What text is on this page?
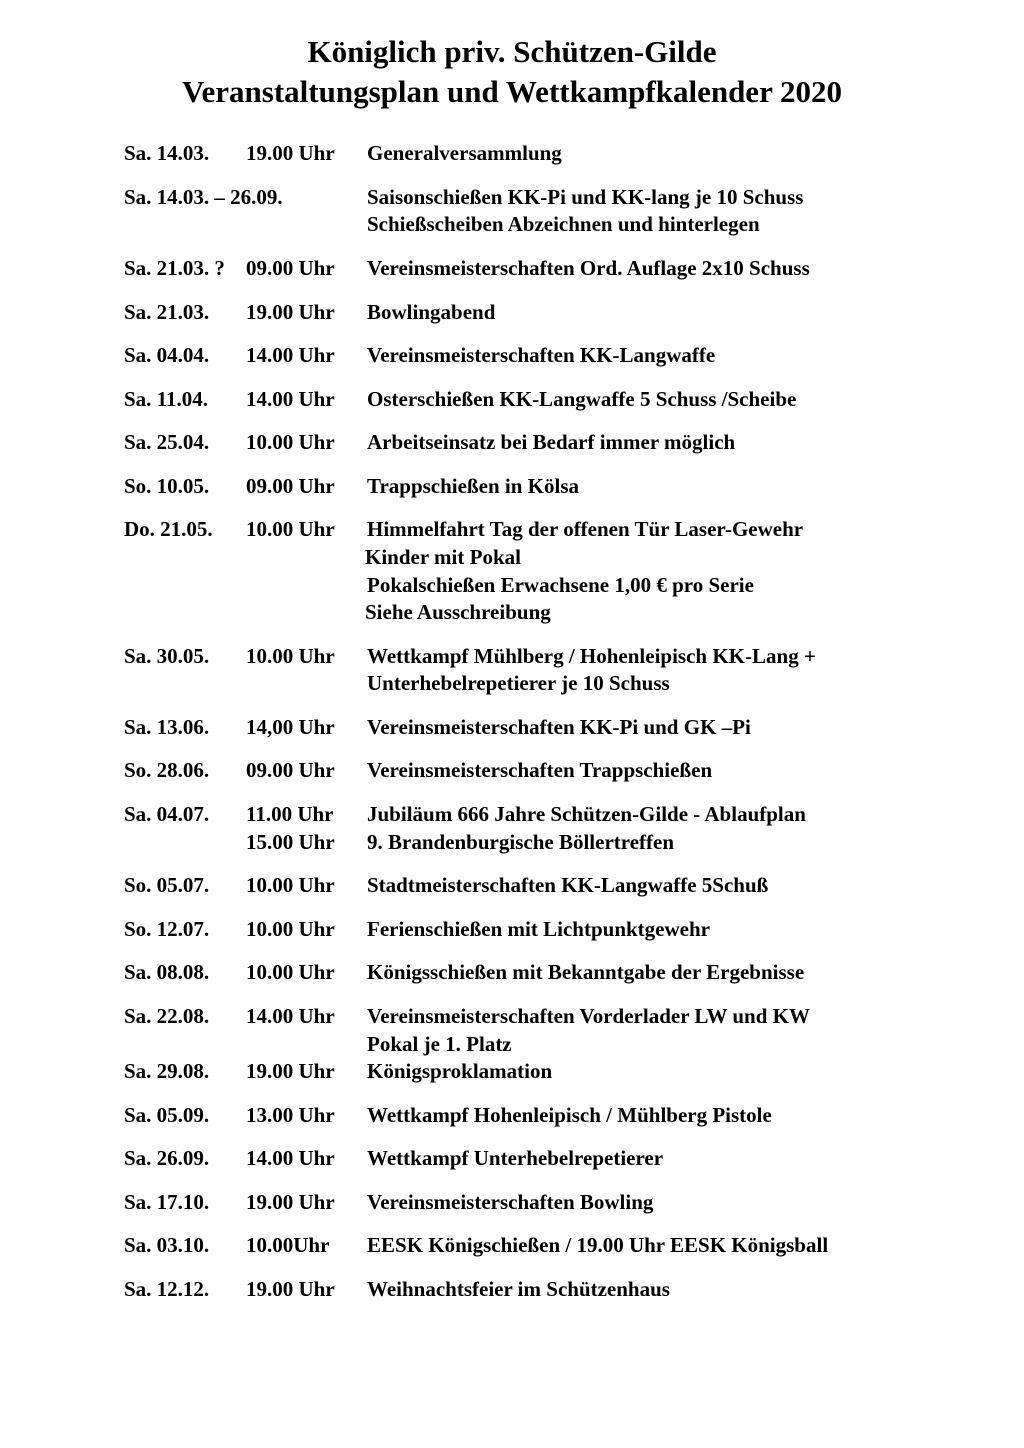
Königlich priv. Schützen-Gilde
Veranstaltungsplan und Wettkampfkalender 2020
Sa. 14.03. 19.00 Uhr Generalversammlung
Sa. 14.03. – 26.09.	Saisonschießen KK-Pi und KK-lang je 10 Schuss
Schießscheiben Abzeichnen und hinterlegen
Sa. 21.03. ? 09.00 Uhr Vereinsmeisterschaften Ord. Auflage 2x10 Schuss
Sa. 21.03. 19.00 Uhr Bowlingabend
Sa. 04.04. 14.00 Uhr Vereinsmeisterschaften KK-Langwaffe
Sa. 11.04. 14.00 Uhr Osterschießen KK-Langwaffe 5 Schuss /Scheibe
Sa. 25.04. 10.00 Uhr Arbeitseinsatz bei Bedarf immer möglich
So. 10.05. 09.00 Uhr Trappschießen in Kölsa
Do. 21.05. 10.00 Uhr Himmelfahrt Tag der offenen Tür Laser-Gewehr
Kinder mit Pokal
Pokalschießen Erwachsene 1,00 € pro Serie
Siehe Ausschreibung
Sa. 30.05. 10.00 Uhr Wettkampf Mühlberg / Hohenleipisch KK-Lang +
Unterhebelrepetierer je 10 Schuss
Sa. 13.06. 14,00 Uhr Vereinsmeisterschaften KK-Pi und GK –Pi
So. 28.06. 09.00 Uhr Vereinsmeisterschaften Trappschießen
Sa. 04.07. 11.00 Uhr Jubiläum 666 Jahre Schützen-Gilde - Ablaufplan
15.00 Uhr 9. Brandenburgische Böllertreffen
So. 05.07. 10.00 Uhr Stadtmeisterschaften KK-Langwaffe 5Schuß
So. 12.07. 10.00 Uhr Ferienschießen mit Lichtpunktgewehr
Sa. 08.08. 10.00 Uhr Königsschießen mit Bekanntgabe der Ergebnisse
Sa. 22.08. 14.00 Uhr Vereinsmeisterschaften Vorderlader LW und KW
Pokal je 1. Platz
Sa. 29.08. 19.00 Uhr Königsproklamation
Sa. 05.09. 13.00 Uhr Wettkampf Hohenleipisch / Mühlberg Pistole
Sa. 26.09. 14.00 Uhr Wettkampf Unterhebelrepetierer
Sa. 17.10. 19.00 Uhr Vereinsmeisterschaften Bowling
Sa. 03.10. 10.00Uhr EESK Königschießen / 19.00 Uhr EESK Königsball
Sa. 12.12. 19.00 Uhr Weihnachtsfeier im Schützenhaus
